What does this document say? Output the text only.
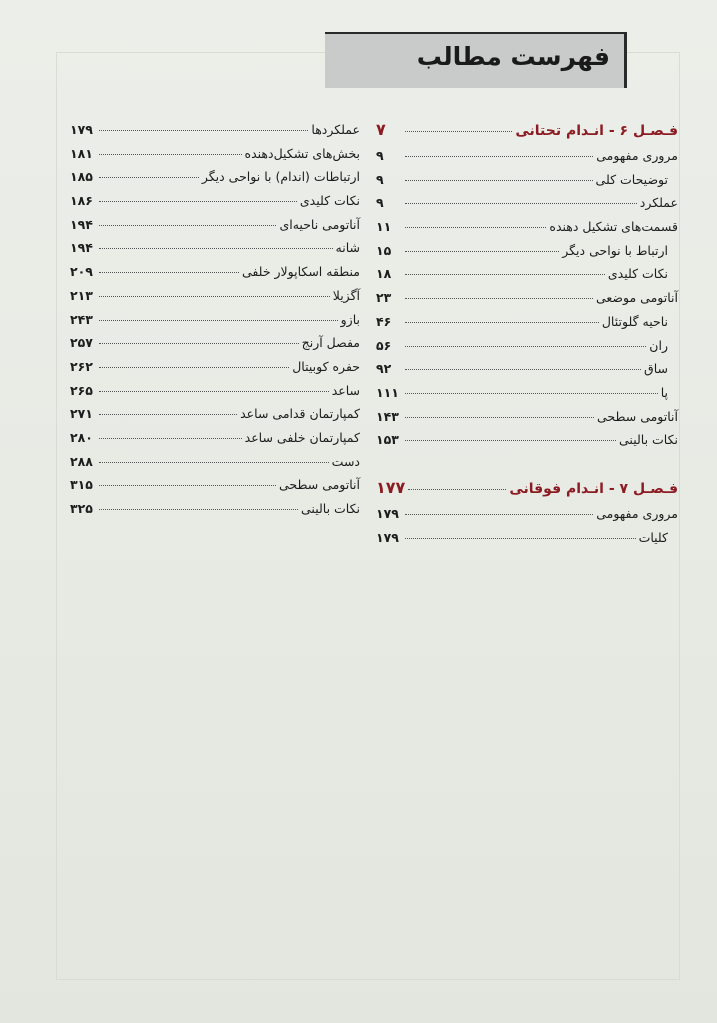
فهرست مطالب
فـصـل ۶ - انـدام تحتانی
۷
مروری مفهومی
۹
توضیحات کلی
۹
عملکرد
۹
قسمت‌های تشکیل دهنده
۱۱
ارتباط با نواحی دیگر
۱۵
نکات کلیدی
۱۸
آناتومی موضعی
۲۳
ناحیه گلوتئال
۴۶
ران
۵۶
ساق
۹۲
پا
۱۱۱
آناتومی سطحی
۱۴۳
نکات بالینی
۱۵۳
فـصـل ۷ - انـدام فوقانی
۱۷۷
مروری مفهومی
۱۷۹
کلیات
۱۷۹
عملکردها
۱۷۹
بخش‌های تشکیل‌دهنده
۱۸۱
ارتباطات (اندام) با نواحی دیگر
۱۸۵
نکات کلیدی
۱۸۶
آناتومی ناحیه‌ای
۱۹۴
شانه
۱۹۴
منطقه اسکاپولار خلفی
۲۰۹
آگزیلا
۲۱۳
بازو
۲۴۳
مفصل آرنج
۲۵۷
حفره کوبیتال
۲۶۲
ساعد
۲۶۵
کمپارتمان قدامی ساعد
۲۷۱
کمپارتمان خلفی ساعد
۲۸۰
دست
۲۸۸
آناتومی سطحی
۳۱۵
نکات بالینی
۳۲۵
